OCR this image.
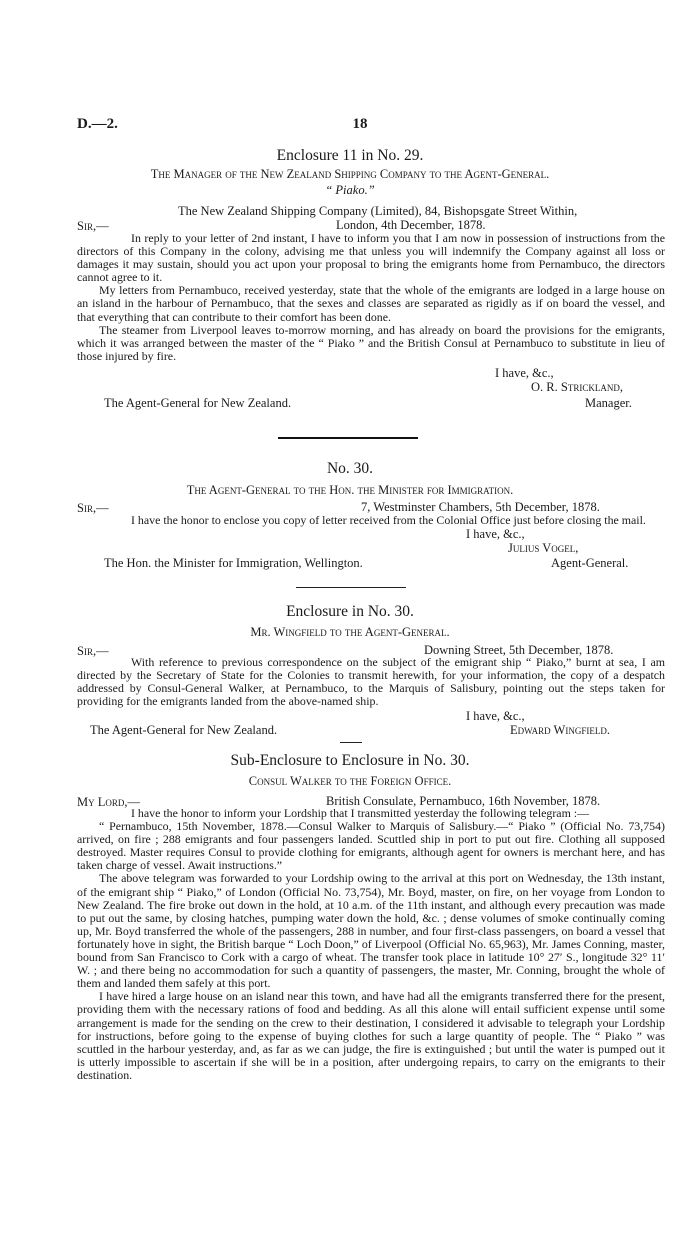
D.—2.	18
Enclosure 11 in No. 29.
The Manager of the New Zealand Shipping Company to the Agent-General.
“ Piako.”
The New Zealand Shipping Company (Limited), 84, Bishopsgate Street Within,
Sir,—	London, 4th December, 1878.

In reply to your letter of 2nd instant, I have to inform you that I am now in possession of instructions from the directors of this Company in the colony, advising me that unless you will indemnify the Company against all loss or damages it may sustain, should you act upon your proposal to bring the emigrants home from Pernambuco, the directors cannot agree to it.

My letters from Pernambuco, received yesterday, state that the whole of the emigrants are lodged in a large house on an island in the harbour of Pernambuco, that the sexes and classes are separated as rigidly as if on board the vessel, and that everything that can contribute to their comfort has been done.

The steamer from Liverpool leaves to-morrow morning, and has already on board the provisions for the emigrants, which it was arranged between the master of the “ Piako ” and the British Consul at Pernambuco to substitute in lieu of those injured by fire.

I have, &c.,
O. R. Strickland,
The Agent-General for New Zealand.	Manager.
No. 30.
The Agent-General to the Hon. the Minister for Immigration.
Sir,—	7, Westminster Chambers, 5th December, 1878.

I have the honor to enclose you copy of letter received from the Colonial Office just before closing the mail.

I have, &c.,
Julius Vogel,
The Hon. the Minister for Immigration, Wellington.	Agent-General.
Enclosure in No. 30.
Mr. Wingfield to the Agent-General.
Sir,—	Downing Street, 5th December, 1878.

With reference to previous correspondence on the subject of the emigrant ship “ Piako,” burnt at sea, I am directed by the Secretary of State for the Colonies to transmit herewith, for your information, the copy of a despatch addressed by Consul-General Walker, at Pernambuco, to the Marquis of Salisbury, pointing out the steps taken for providing for the emigrants landed from the above-named ship.

I have, &c.,
The Agent-General for New Zealand.	Edward Wingfield.
Sub-Enclosure to Enclosure in No. 30.
Consul Walker to the Foreign Office.
My Lord,—	British Consulate, Pernambuco, 16th November, 1878.

I have the honor to inform your Lordship that I transmitted yesterday the following telegram :—

“ Pernambuco, 15th November, 1878.—Consul Walker to Marquis of Salisbury.—“ Piako ” (Official No. 73,754) arrived, on fire ; 288 emigrants and four passengers landed. Scuttled ship in port to put out fire. Clothing all supposed destroyed. Master requires Consul to provide clothing for emigrants, although agent for owners is merchant here, and has taken charge of vessel. Await instructions.”

The above telegram was forwarded to your Lordship owing to the arrival at this port on Wednesday, the 13th instant, of the emigrant ship “ Piako,” of London (Official No. 73,754), Mr. Boyd, master, on fire, on her voyage from London to New Zealand. The fire broke out down in the hold, at 10 a.m. of the 11th instant, and although every precaution was made to put out the same, by closing hatches, pumping water down the hold, &c. ; dense volumes of smoke continually coming up, Mr. Boyd transferred the whole of the passengers, 288 in number, and four first-class passengers, on board a vessel that fortunately hove in sight, the British barque “ Loch Doon,” of Liverpool (Official No. 65,963), Mr. James Conning, master, bound from San Francisco to Cork with a cargo of wheat. The transfer took place in latitude 10° 27′ S., longitude 32° 11′ W. ; and there being no accommodation for such a quantity of passengers, the master, Mr. Conning, brought the whole of them and landed them safely at this port.

I have hired a large house on an island near this town, and have had all the emigrants transferred there for the present, providing them with the necessary rations of food and bedding. As all this alone will entail sufficient expense until some arrangement is made for the sending on the crew to their destination, I considered it advisable to telegraph your Lordship for instructions, before going to the expense of buying clothes for such a large quantity of people. The “ Piako ” was scuttled in the harbour yesterday, and, as far as we can judge, the fire is extinguished ; but until the water is pumped out it is utterly impossible to ascertain if she will be in a position, after undergoing repairs, to carry on the emigrants to their destination.
